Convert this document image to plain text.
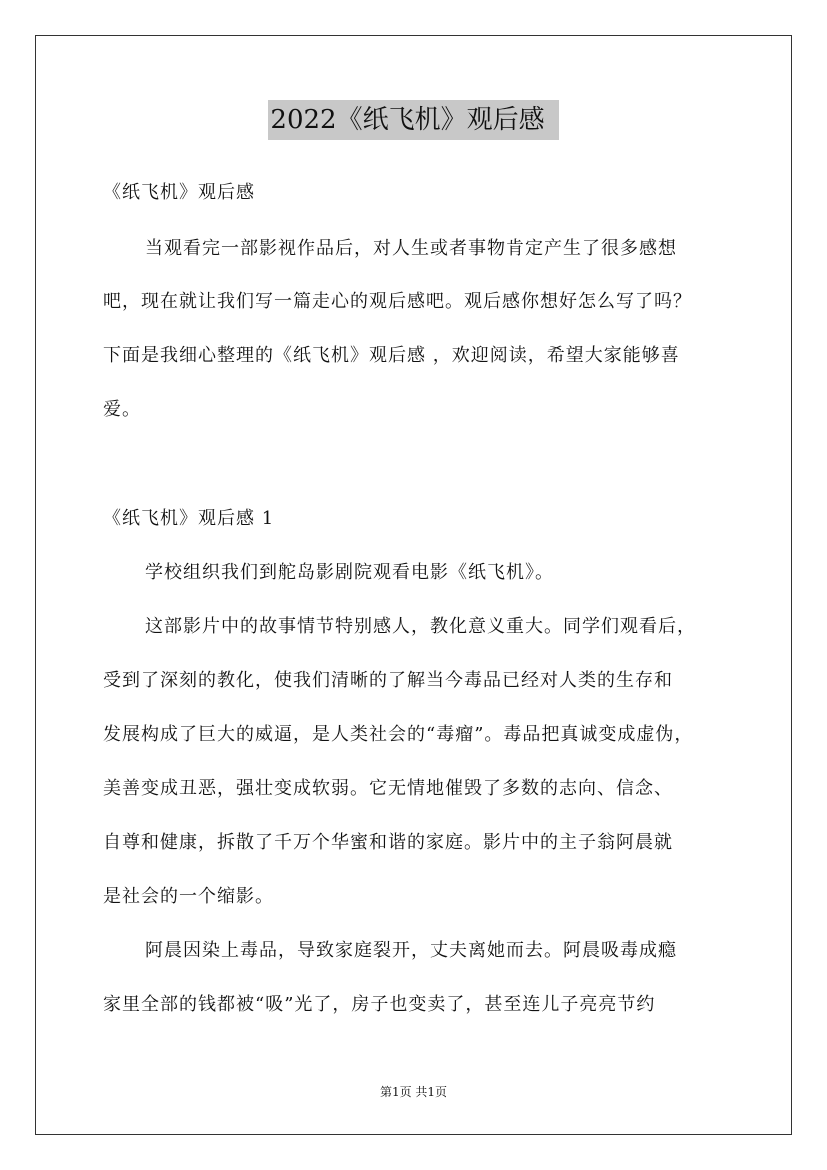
2022《纸飞机》观后感
《纸飞机》观后感
当观看完一部影视作品后，对人生或者事物肯定产生了很多感想
吧，现在就让我们写一篇走心的观后感吧。观后感你想好怎么写了吗？
下面是我细心整理的《纸飞机》观后感 ，欢迎阅读，希望大家能够喜
爱。
《纸飞机》观后感 1
学校组织我们到舵岛影剧院观看电影《纸飞机》。
这部影片中的故事情节特别感人，教化意义重大。同学们观看后，
受到了深刻的教化，使我们清晰的了解当今毒品已经对人类的生存和
发展构成了巨大的威逼，是人类社会的“毒瘤”。毒品把真诚变成虚伪，
美善变成丑恶，强壮变成软弱。它无情地催毁了多数的志向、信念、
自尊和健康，拆散了千万个华蜜和谐的家庭。影片中的主子翁阿晨就
是社会的一个缩影。
阿晨因染上毒品，导致家庭裂开，丈夫离她而去。阿晨吸毒成瘾
家里全部的钱都被“吸”光了，房子也变卖了，甚至连儿子亮亮节约
第1页 共1页
